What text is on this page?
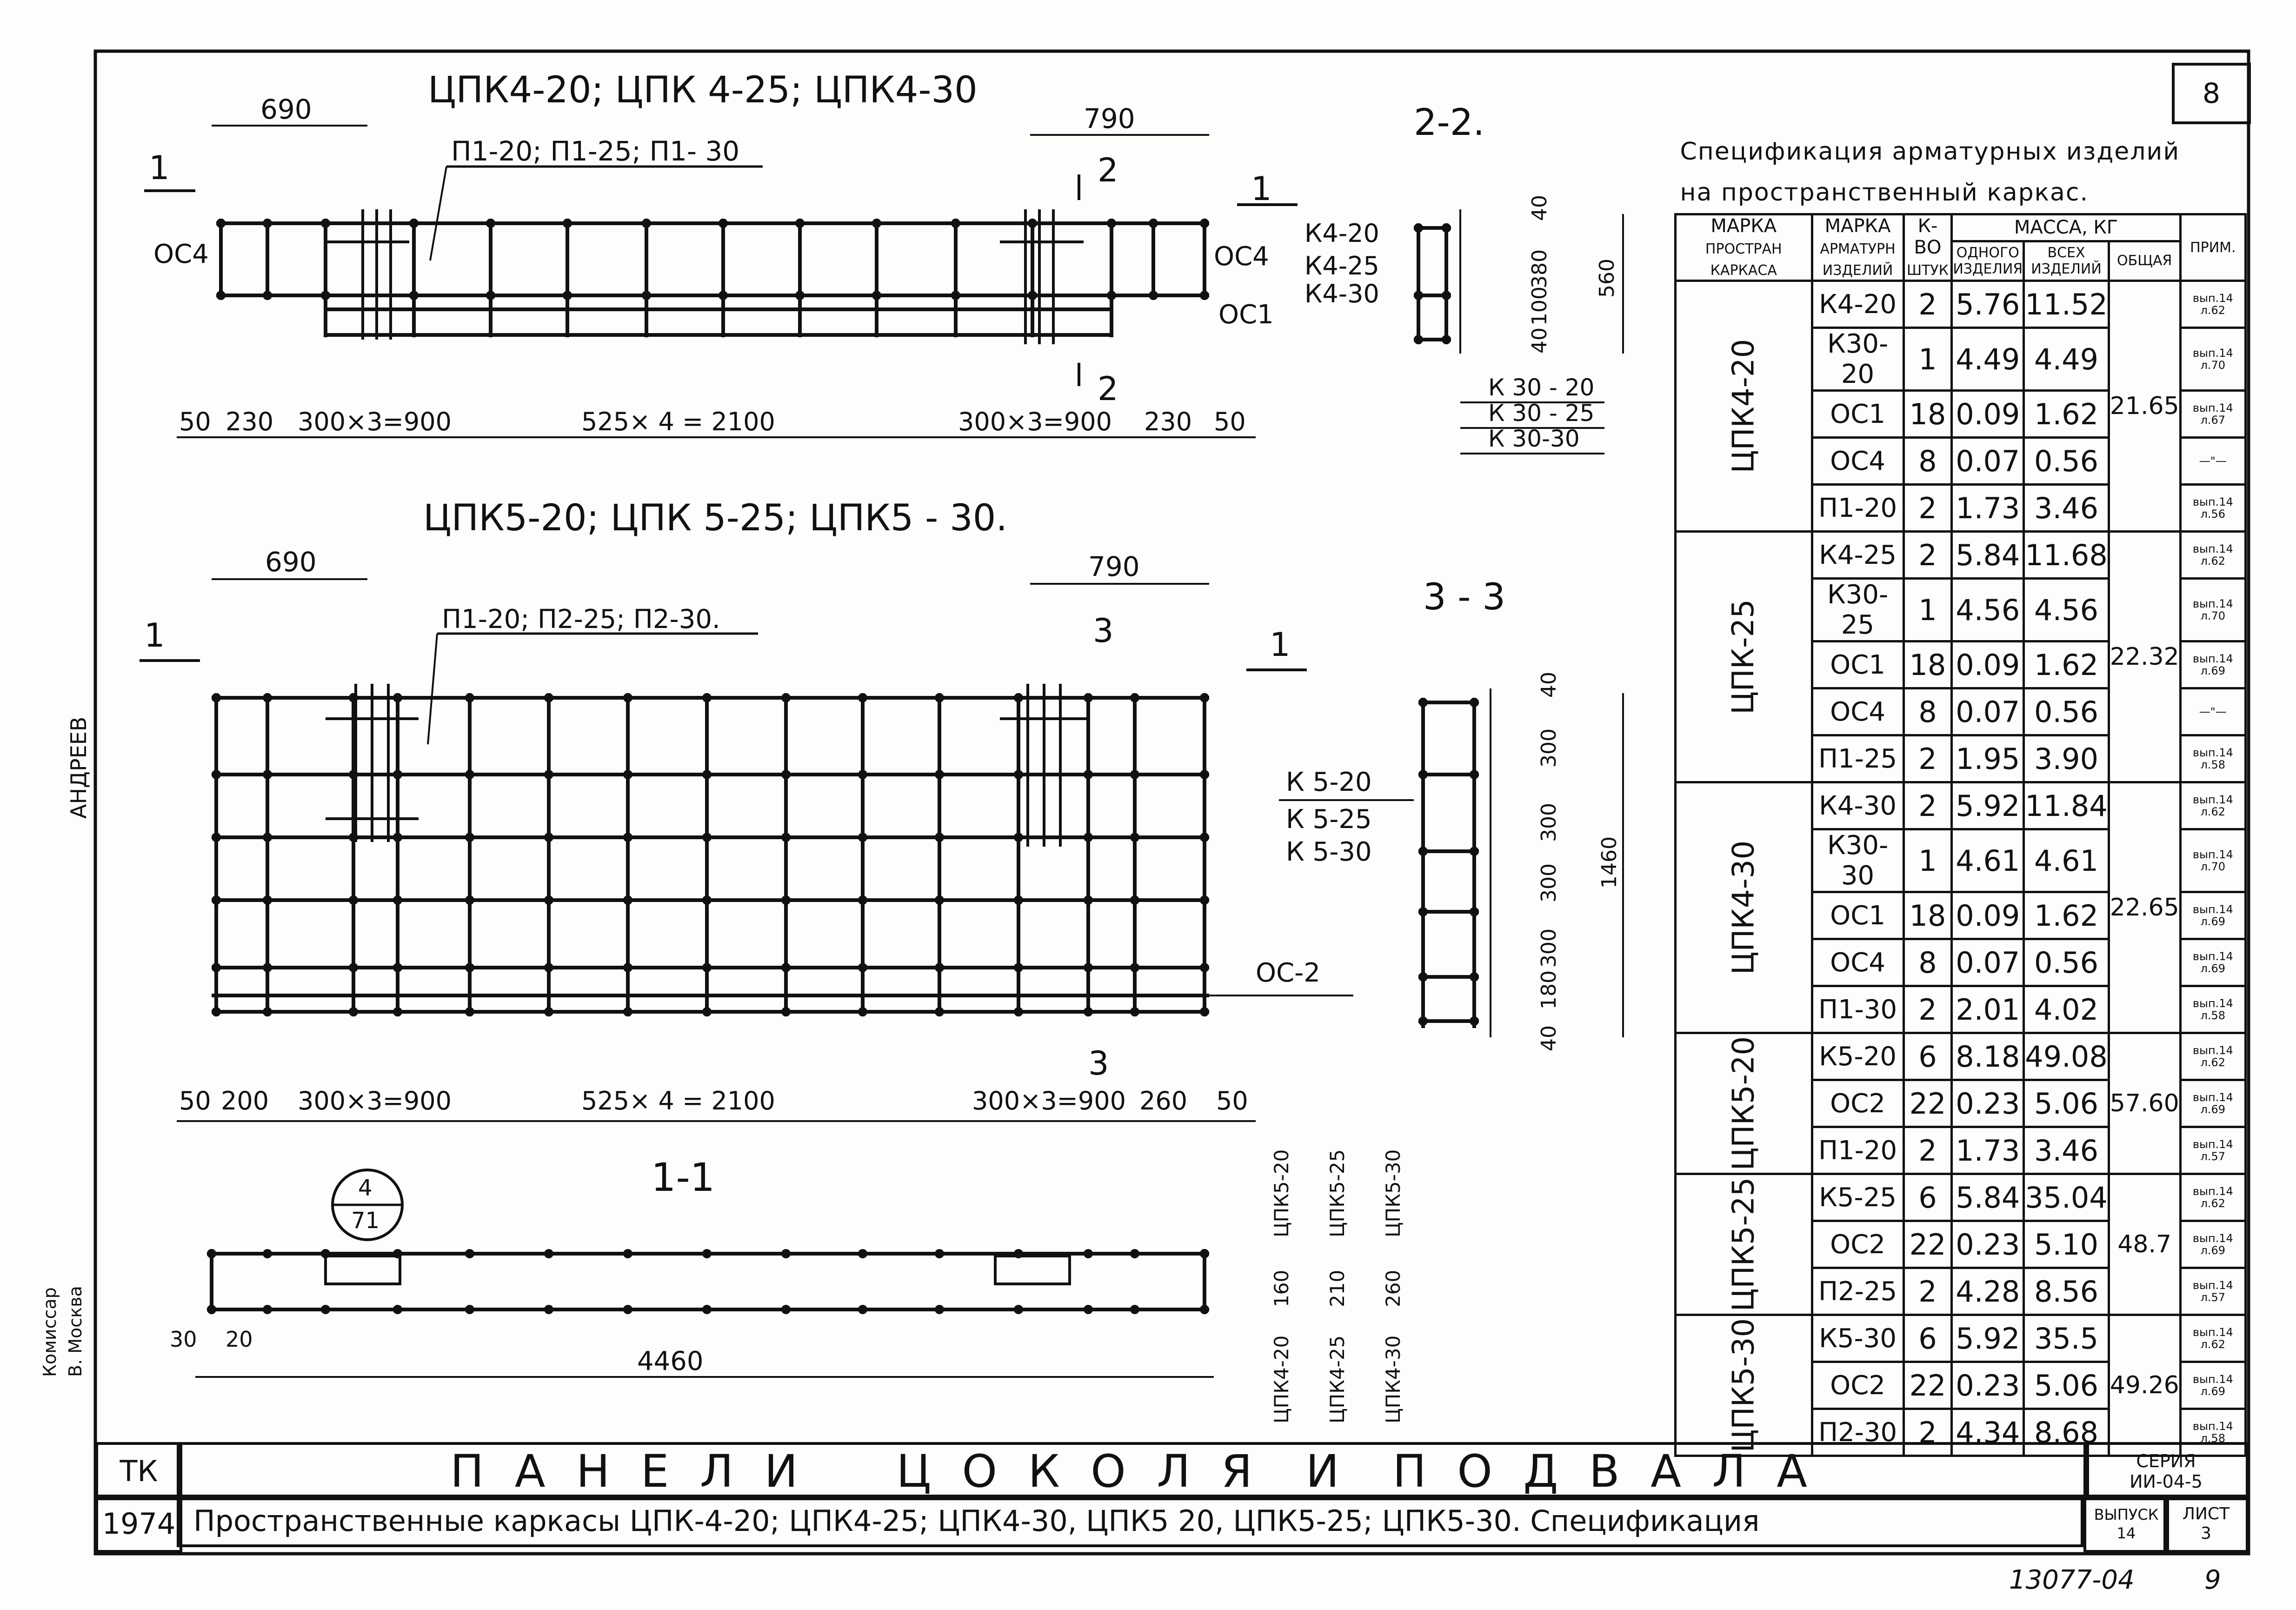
АНДРЕЕВ
Комиссар В. Москва
ЦПК4-20; ЦПК 4-25; ЦПК4-30
П1-20; П1-25; П1- 30
690	790
1
1
2
2
ОС4	ОС4
ОС1
50 230 300×3=900	525× 4 = 2100	300×3=900 230 50
2-2.
К4-20
К4-25
К4-30
К 30 - 20
К 30 - 25
К 30-30
40
380
100
40
560
ЦПК5-20; ЦПК 5-25; ЦПК5 - 30.
П1-20; П2-25; П2-30.
690	790
1	1
3
3
ОС-2
50 200 300×3=900	525× 4 = 2100	300×3=900 260 50
3 - 3
К 5-20
К 5-25
К 5-30
40
300
300
300
300
180
40
1460
1-1
4
71
4460
30 20
ЦПК5-20 ЦПК5-25 ЦПК5-30
160 210 260
ЦПК4-20 ЦПК4-25 ЦПК4-30
13077-04	9
8
Спецификация арматурных изделий						
на пространственный каркас.						
МАРКА
ПРОСТРАН
КАРКАСА	МАРКА
АРМАТУРН
ИЗДЕЛИЙ	К-ВО
ШТУК	МАССА, КГ			ПРИМ.
			ОДНОГО
ИЗДЕЛИЯ	ВСЕХ
ИЗДЕЛИЙ	ОБЩАЯ	
ЦПК4-20	К4-20	2	5.76	11.52	21.65	вып.14 л.62
	К30-20	1	4.49	4.49		вып.14 л.70
	ОС1	18	0.09	1.62		вып.14 л.67
	ОС4	8	0.07	0.56		—"—
	П1-20	2	1.73	3.46		вып.14 л.56
ЦПК-25	К4-25	2	5.84	11.68	22.32	вып.14 л.62
	К30-25	1	4.56	4.56		вып.14 л.70
	ОС1	18	0.09	1.62		вып.14 л.69
	ОС4	8	0.07	0.56		—"—
	П1-25	2	1.95	3.90		вып.14 л.58
ЦПК4-30	К4-30	2	5.92	11.84	22.65	вып.14 л.62
	К30-30	1	4.61	4.61		вып.14 л.70
	ОС1	18	0.09	1.62		вып.14 л.69
	ОС4	8	0.07	0.56		вып.14 л.69
	П1-30	2	2.01	4.02		вып.14 л.58
ЦПК5-20	К5-20	6	8.18	49.08	57.60	вып.14 л.62
	ОС2	22	0.23	5.06		вып.14 л.69
	П1-20	2	1.73	3.46		вып.14 л.57
ЦПК5-25	К5-25	6	5.84	35.04	48.7	вып.14 л.62
	ОС2	22	0.23	5.10		вып.14 л.69
	П2-25	2	4.28	8.56		вып.14 л.57
ЦПК5-30	К5-30	6	5.92	35.5	49.26	вып.14 л.62
	ОС2	22	0.23	5.06		вып.14 л.69
	П2-30	2	4.34	8.68		вып.14 л.58
ТК
1974
П А Н Е Л И    Ц О К О Л Я  И  П О Д В А Л А
Пространственные каркасы ЦПК-4-20; ЦПК4-25; ЦПК4-30, ЦПК5 20, ЦПК5-25; ЦПК5-30. Спецификация
СЕРИЯ
ИИ-04-5
ВЫПУСК
14
ЛИСТ
3
